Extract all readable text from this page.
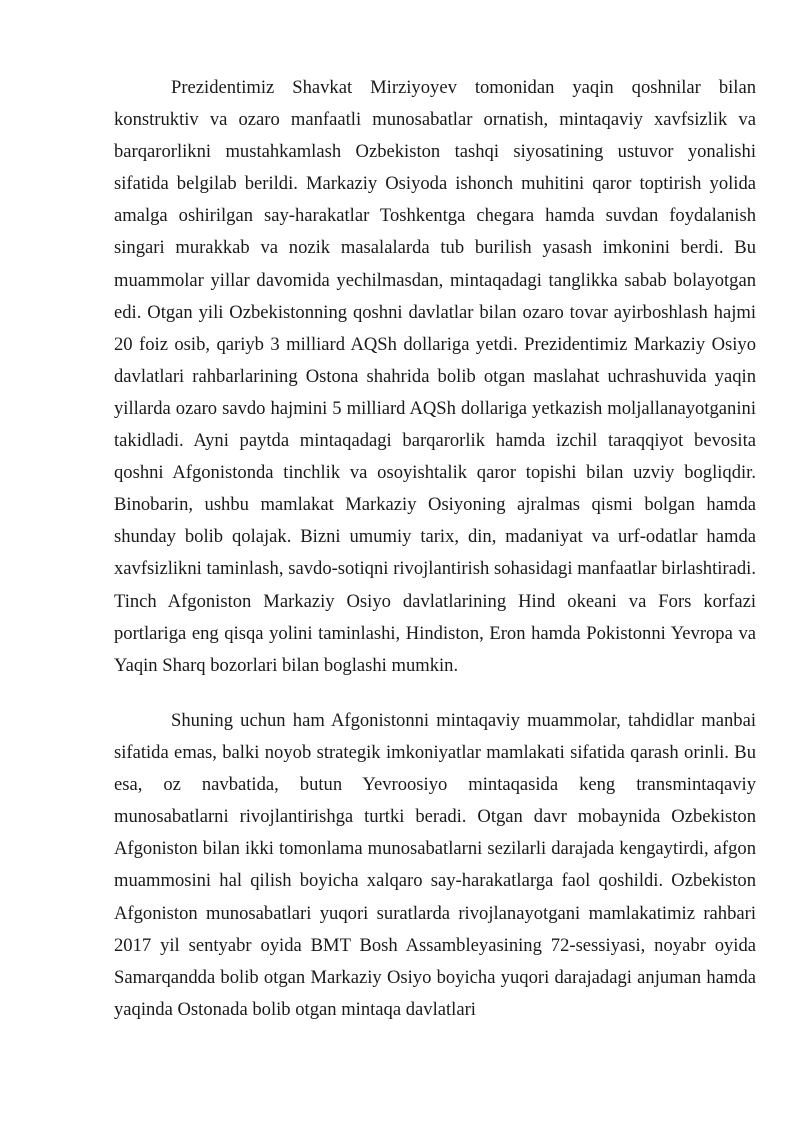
Prezidentimiz Shavkat Mirziyoyev tomonidan yaqin qoshnilar bilan konstruktiv va ozaro manfaatli munosabatlar ornatish, mintaqaviy xavfsizlik va barqarorlikni mustahkamlash Ozbekiston tashqi siyosatining ustuvor yonalishi sifatida belgilab berildi. Markaziy Osiyoda ishonch muhitini qaror toptirish yolida amalga oshirilgan say-harakatlar Toshkentga chegara hamda suvdan foydalanish singari murakkab va nozik masalalarda tub burilish yasash imkonini berdi. Bu muammolar yillar davomida yechilmasdan, mintaqadagi tanglikka sabab bolayotgan edi. Otgan yili Ozbekistonning qoshni davlatlar bilan ozaro tovar ayirboshlash hajmi 20 foiz osib, qariyb 3 milliard AQSh dollariga yetdi. Prezidentimiz Markaziy Osiyo davlatlari rahbarlarining Ostona shahrida bolib otgan maslahat uchrashuvida yaqin yillarda ozaro savdo hajmini 5 milliard AQSh dollariga yetkazish moljallanayotganini takidladi. Ayni paytda mintaqadagi barqarorlik hamda izchil taraqqiyot bevosita qoshni Afgonistonda tinchlik va osoyishtalik qaror topishi bilan uzviy bogliqdir. Binobarin, ushbu mamlakat Markaziy Osiyoning ajralmas qismi bolgan hamda shunday bolib qolajak. Bizni umumiy tarix, din, madaniyat va urf-odatlar hamda xavfsizlikni taminlash, savdo-sotiqni rivojlantirish sohasidagi manfaatlar birlashtiradi. Tinch Afgoniston Markaziy Osiyo davlatlarining Hind okeani va Fors korfazi portlariga eng qisqa yolini taminlashi, Hindiston, Eron hamda Pokistonni Yevropa va Yaqin Sharq bozorlari bilan boglashi mumkin.

Shuning uchun ham Afgonistonni mintaqaviy muammolar, tahdidlar manbai sifatida emas, balki noyob strategik imkoniyatlar mamlakati sifatida qarash orinli. Bu esa, oz navbatida, butun Yevroosiyo mintaqasida keng transmintaqaviy munosabatlarni rivojlantirishga turtki beradi. Otgan davr mobaynida Ozbekiston Afgoniston bilan ikki tomonlama munosabatlarni sezilarli darajada kengaytirdi, afgon muammosini hal qilish boyicha xalqaro say-harakatlarga faol qoshildi. Ozbekiston Afgoniston munosabatlari yuqori suratlarda rivojlanayotgani mamlakatimiz rahbari 2017 yil sentyabr oyida BMT Bosh Assambleyasining 72-sessiyasi, noyabr oyida Samarqandda bolib otgan Markaziy Osiyo boyicha yuqori darajadagi anjuman hamda yaqinda Ostonada bolib otgan mintaqa davlatlari
